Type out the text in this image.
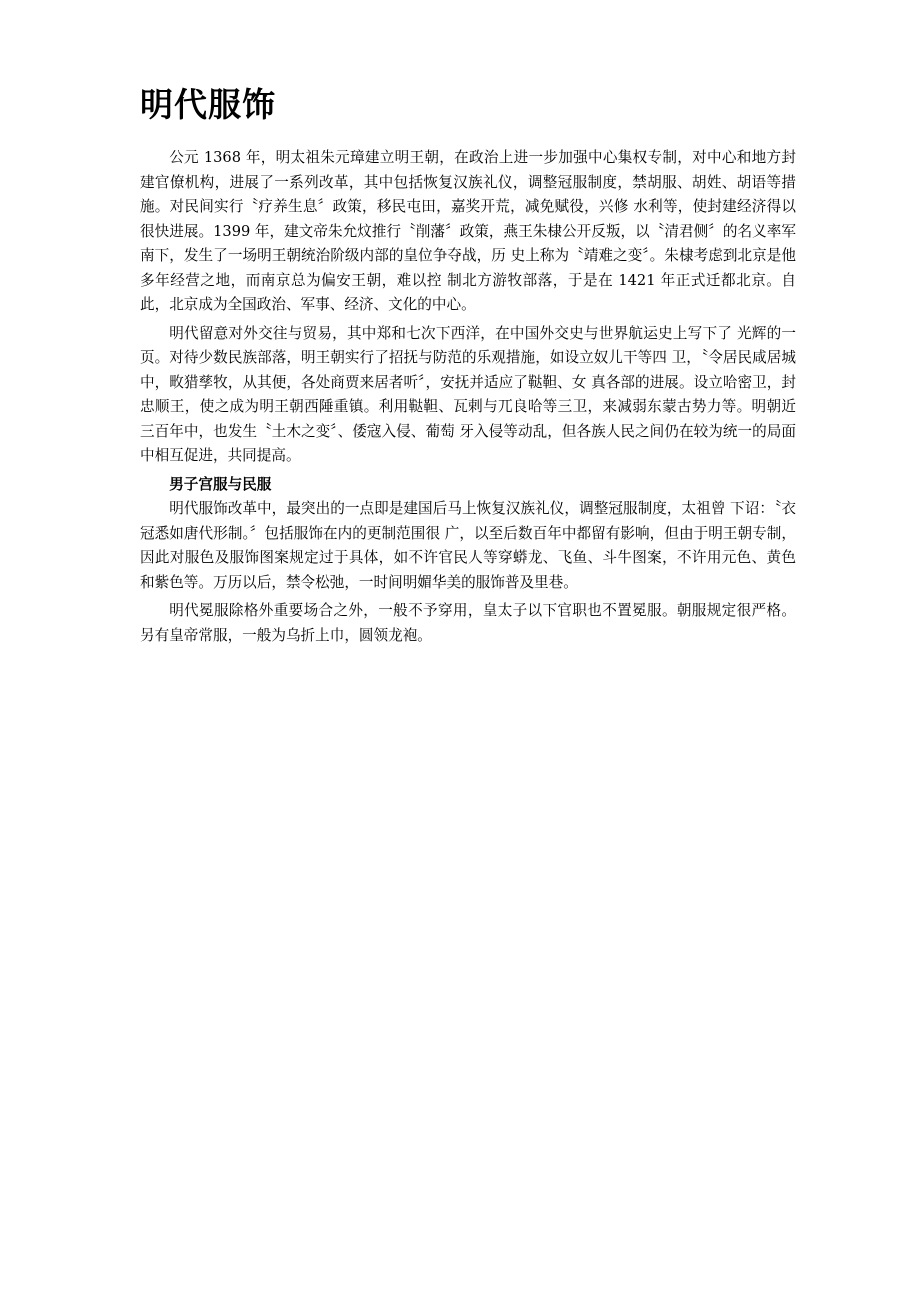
明代服饰

公元 1368 年，明太祖朱元璋建立明王朝，在政治上进一步加强中心集权专制，对中心和地方封建官僚机构，进展了一系列改革，其中包括恢复汉族礼仪，调整冠服制度，禁胡服、胡姓、胡语等措施。对民间实行〝疗养生息〞政策，移民屯田，嘉奖开荒，减免赋役，兴修 水利等，使封建经济得以很快进展。1399 年，建文帝朱允炆推行〝削藩〞政策，燕王朱棣公开反叛，以〝清君侧〞的名义率军南下，发生了一场明王朝统治阶级内部的皇位争夺战，历 史上称为〝靖难之变〞。朱棣考虑到北京是他多年经营之地，而南京总为偏安王朝，难以控 制北方游牧部落，于是在 1421 年正式迁都北京。自此，北京成为全国政治、军事、经济、文化的中心。

明代留意对外交往与贸易，其中郑和七次下西洋，在中国外交史与世界航运史上写下了 光辉的一页。对待少数民族部落，明王朝实行了招抚与防范的乐观措施，如设立奴儿干等四 卫，〝令居民咸居城中，畋猎孳牧，从其便，各处商贾来居者听〞，安抚并适应了鞑靼、女 真各部的进展。设立哈密卫，封忠顺王，使之成为明王朝西陲重镇。利用鞑靼、瓦剌与兀良哈等三卫，来减弱东蒙古势力等。明朝近三百年中，也发生〝土木之变〞、倭寇入侵、葡萄 牙入侵等动乱，但各族人民之间仍在较为统一的局面中相互促进，共同提高。

男子宫服与民服

明代服饰改革中，最突出的一点即是建国后马上恢复汉族礼仪，调整冠服制度，太祖曾 下诏：〝衣冠悉如唐代形制。〞包括服饰在内的更制范围很 广，以至后数百年中都留有影响，但由于明王朝专制，因此对服色及服饰图案规定过于具体，如不许官民人等穿蟒龙、飞鱼、斗牛图案，不许用元色、黄色和紫色等。万历以后，禁令松弛，一时间明媚华美的服饰普及里巷。

明代冕服除格外重要场合之外，一般不予穿用，皇太子以下官职也不置冕服。朝服规定很严格。另有皇帝常服，一般为乌折上巾，圆领龙袍。
